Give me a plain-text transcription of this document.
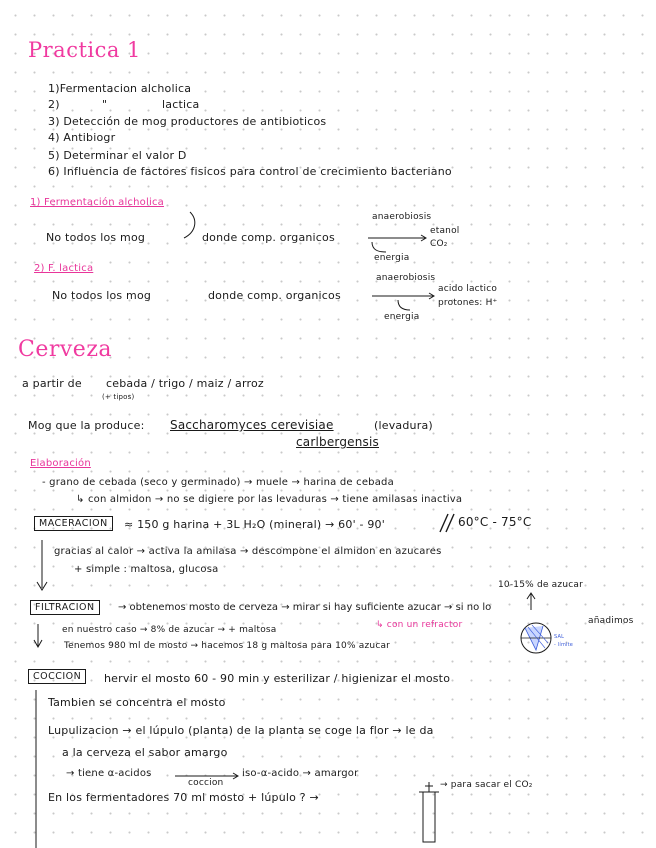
Practica 1
1)Fermentacion alcholica
2)	"	lactica
3) Detección de mog productores de antibioticos
4) Antibiogr
5) Determinar el valor D
6) Influencia de factores fisicos para control de crecimiento bacteriano
1) Fermentación alcholica
No todos los mog	donde comp. organicos
anaerobiosis
etanol
CO₂
energia
2) F. lactica
No todos los mog	donde comp. organicos
anaerobiosis
acido lactico
protones: H⁺
energia
Cerveza
a partir de cebada / trigo / maiz / arroz
(+ tipos)
Mog que la produce: Saccharomyces cerevisiae	(levadura)
carlbergensis
Elaboración
- grano de cebada (seco y germinado) → muele → harina de cebada
↳ con almidon → no se digiere por las levaduras → tiene amilasas inactiva
MACERACION	≈ 150 g harina + 3L H₂O (mineral) → 60' - 90'	60°C - 75°C
gracias al calor → activa la amilasa → descompone el almidon en azucares
+ simple : maltosa, glucosa
10-15% de azucar
FILTRACION	→ obtenemos mosto de cerveza → mirar si hay suficiente azucar → si no lo
añadimos
en nuestro caso → 8% de azucar → + maltosa	↳ con un refractor
Tenemos 980 ml de mosto → hacemos 18 g maltosa para 10% azucar
SAL
- límite
COCCION	hervir el mosto 60 - 90 min y esterilizar / higienizar el mosto
Tambien se concentra el mosto
Lupulizacion → el lúpulo (planta) de la planta se coge la flor → le da
a la cerveza el sabor amargo
→ tiene α-acidos
coccion
iso-α-acido → amargor
→ para sacar el CO₂
En los fermentadores 70 ml mosto + lúpulo ? →
